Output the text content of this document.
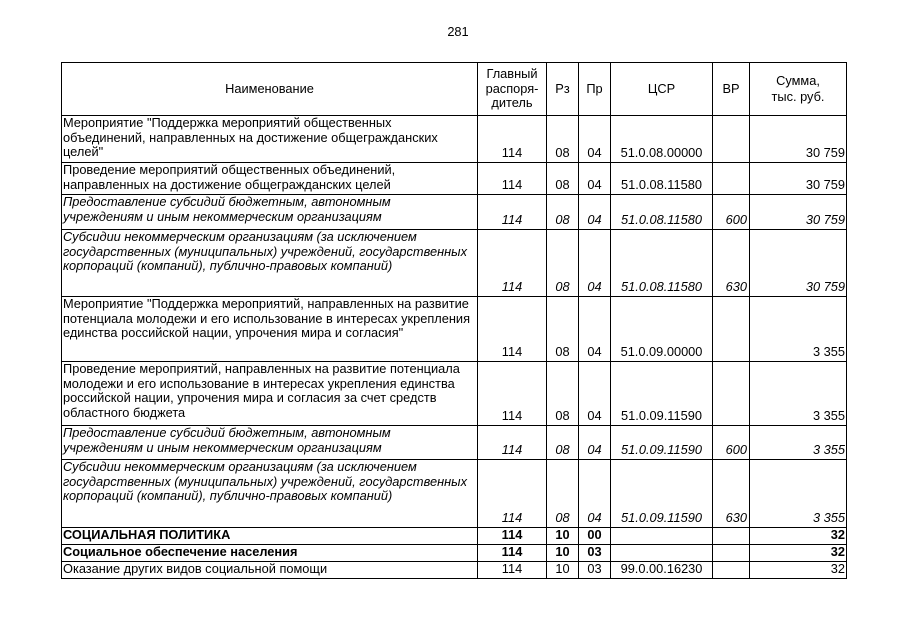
281
Наименование	Главный
распоря-
дитель	Рз	Пр	ЦСР	ВР	Сумма,
тыс. руб.

Мероприятие "Поддержка мероприятий общественных
объединений, направленных на достижение общегражданских
целей"	114	08	04	51.0.08.00000		30 759

Проведение мероприятий общественных объединений,
направленных на достижение общегражданских целей	114	08	04	51.0.08.11580		30 759

Предоставление субсидий бюджетным, автономным
учреждениям и иным некоммерческим организациям	114	08	04	51.0.08.11580	600	30 759

Субсидии некоммерческим организациям (за исключением
государственных (муниципальных) учреждений, государственных
корпораций (компаний), публично-правовых компаний)	114	08	04	51.0.08.11580	630	30 759

Мероприятие "Поддержка мероприятий, направленных на развитие
потенциала молодежи и его использование в интересах укрепления
единства российской нации, упрочения мира и согласия"	114	08	04	51.0.09.00000		3 355

Проведение мероприятий, направленных на развитие потенциала
молодежи и его использование в интересах укрепления единства
российской нации, упрочения мира и согласия за счет средств
областного бюджета	114	08	04	51.0.09.11590		3 355

Предоставление субсидий бюджетным, автономным
учреждениям и иным некоммерческим организациям	114	08	04	51.0.09.11590	600	3 355

Субсидии некоммерческим организациям (за исключением
государственных (муниципальных) учреждений, государственных
корпораций (компаний), публично-правовых компаний)	114	08	04	51.0.09.11590	630	3 355

СОЦИАЛЬНАЯ ПОЛИТИКА	114	10	00			32

Социальное обеспечение населения	114	10	03			32

Оказание других видов социальной помощи	114	10	03	99.0.00.16230		32
